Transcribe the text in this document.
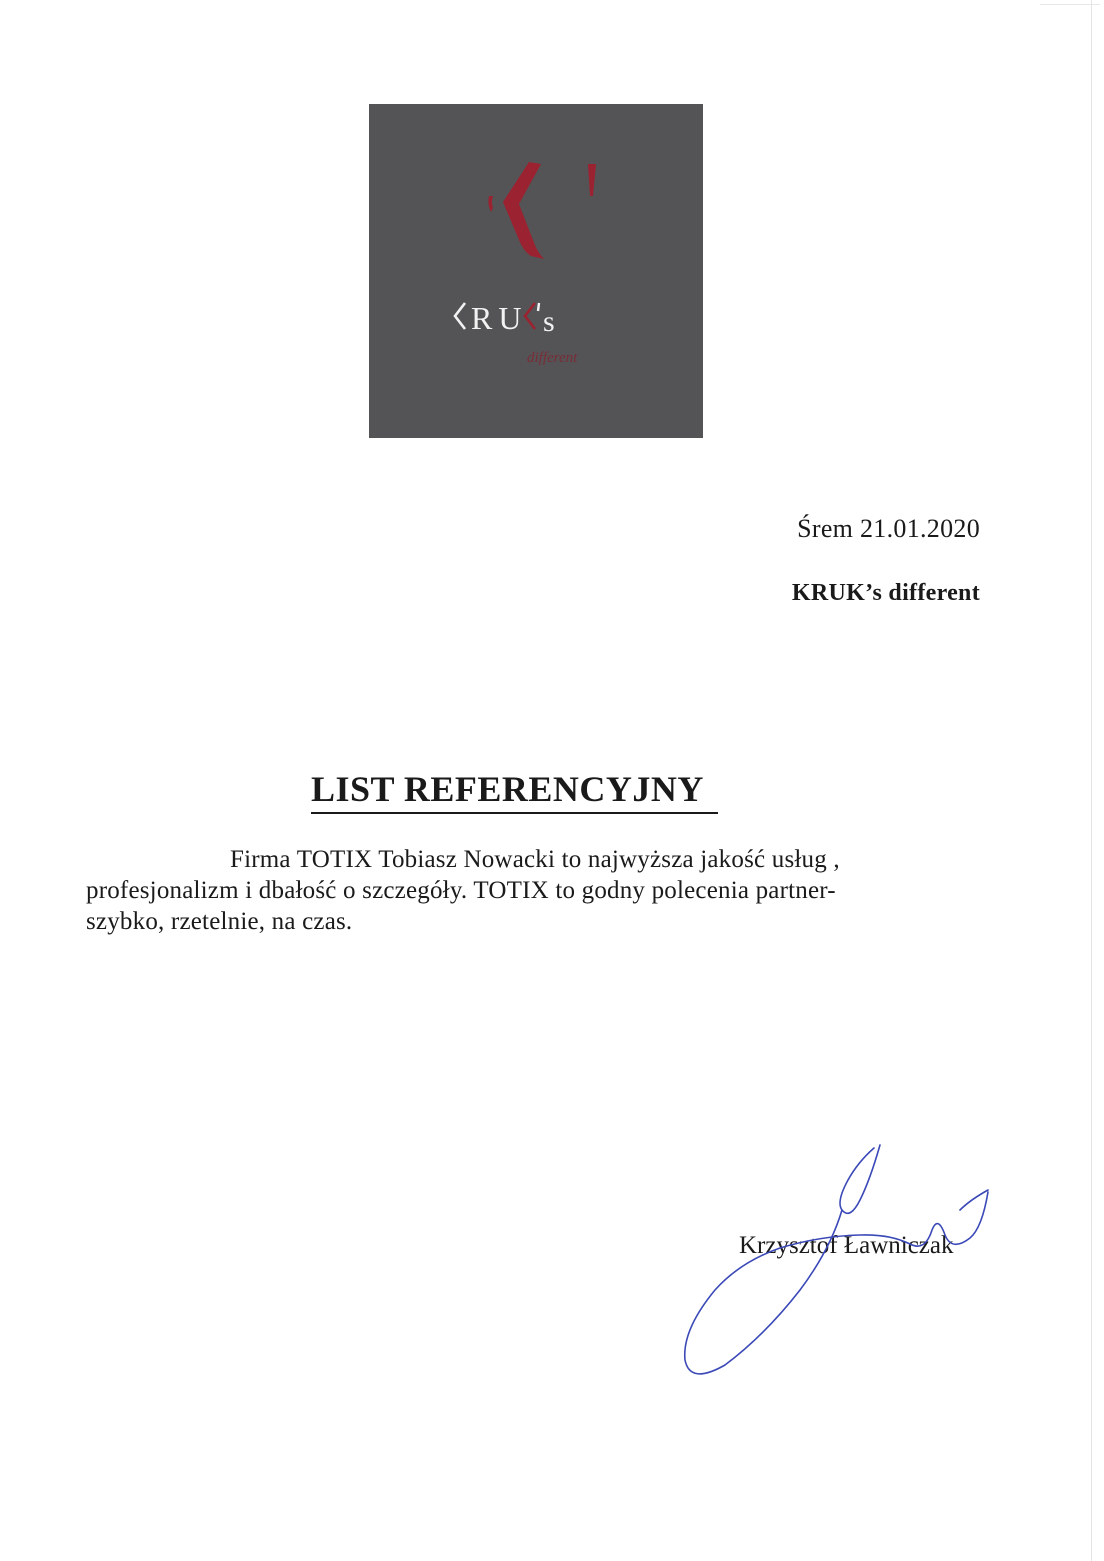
RU s
different
Śrem 21.01.2020
KRUK’s different
LIST REFERENCYJNY
Firma TOTIX Tobiasz Nowacki to najwyższa jakość usług ,
profesjonalizm i dbałość o szczegóły. TOTIX to godny polecenia partner-
szybko, rzetelnie, na czas.
Krzysztof Ławniczak
